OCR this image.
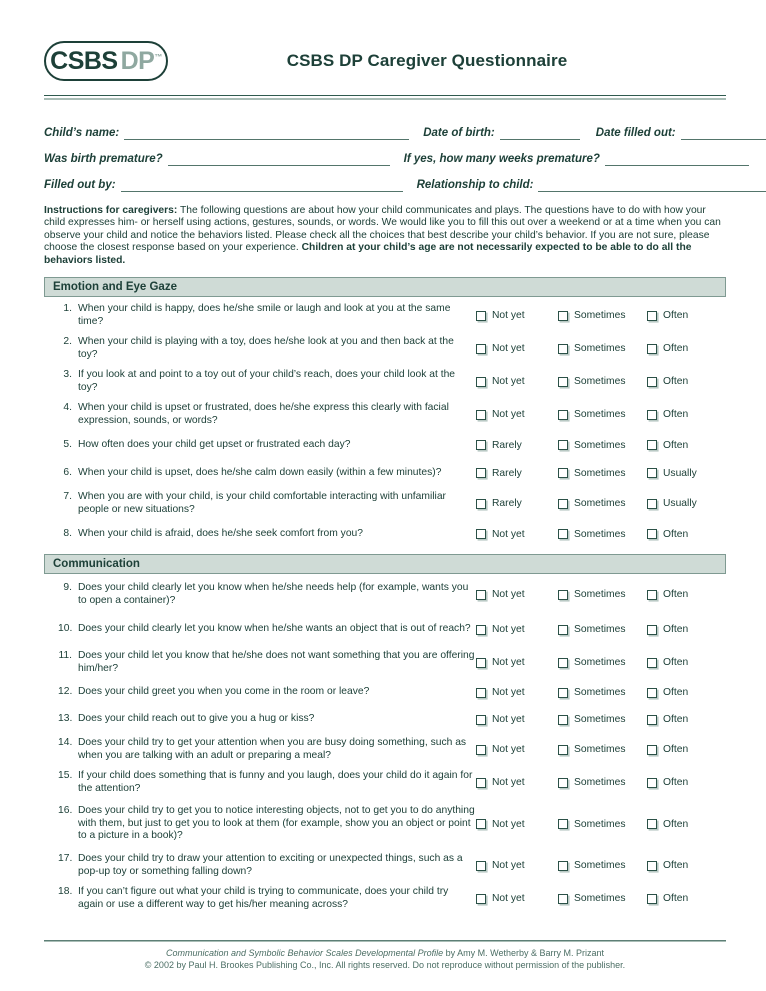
CSBS DP™	CSBS DP Caregiver Questionnaire
Child’s name:	Date of birth:	Date filled out:
Was birth premature?	If yes, how many weeks premature?
Filled out by:	Relationship to child:
Instructions for caregivers: The following questions are about how your child communicates and plays. The questions have to do with how your child expresses him- or herself using actions, gestures, sounds, or words. We would like you to fill this out over a weekend or at a time when you can observe your child and notice the behaviors listed. Please check all the choices that best describe your child’s behavior. If you are not sure, please choose the closest response based on your experience. Children at your child’s age are not necessarily expected to be able to do all the behaviors listed.
Emotion and Eye Gaze
1. When your child is happy, does he/she smile or laugh and look at you at the same time?	Not yet	Sometimes	Often
2. When your child is playing with a toy, does he/she look at you and then back at the toy?	Not yet	Sometimes	Often
3. If you look at and point to a toy out of your child’s reach, does your child look at the toy?	Not yet	Sometimes	Often
4. When your child is upset or frustrated, does he/she express this clearly with facial expression, sounds, or words?	Not yet	Sometimes	Often
5. How often does your child get upset or frustrated each day?	Rarely	Sometimes	Often
6. When your child is upset, does he/she calm down easily (within a few minutes)?	Rarely	Sometimes	Usually
7. When you are with your child, is your child comfortable interacting with unfamiliar people or new situations?	Rarely	Sometimes	Usually
8. When your child is afraid, does he/she seek comfort from you?	Not yet	Sometimes	Often
Communication
9. Does your child clearly let you know when he/she needs help (for example, wants you to open a container)?	Not yet	Sometimes	Often
10. Does your child clearly let you know when he/she wants an object that is out of reach?	Not yet	Sometimes	Often
11. Does your child let you know that he/she does not want something that you are offering him/her?	Not yet	Sometimes	Often
12. Does your child greet you when you come in the room or leave?	Not yet	Sometimes	Often
13. Does your child reach out to give you a hug or kiss?	Not yet	Sometimes	Often
14. Does your child try to get your attention when you are busy doing something, such as when you are talking with an adult or preparing a meal?	Not yet	Sometimes	Often
15. If your child does something that is funny and you laugh, does your child do it again for the attention?	Not yet	Sometimes	Often
16. Does your child try to get you to notice interesting objects, not to get you to do anything with them, but just to get you to look at them (for example, show you an object or point to a picture in a book)?
Not yet	Sometimes	Often
17. Does your child try to draw your attention to exciting or unexpected things, such as a pop-up toy or something falling down?	Not yet	Sometimes	Often
18. If you can’t figure out what your child is trying to communicate, does your child try again or use a different way to get his/her meaning across?	Not yet	Sometimes	Often
Communication and Symbolic Behavior Scales Developmental Profile by Amy M. Wetherby & Barry M. Prizant
© 2002 by Paul H. Brookes Publishing Co., Inc. All rights reserved. Do not reproduce without permission of the publisher.
